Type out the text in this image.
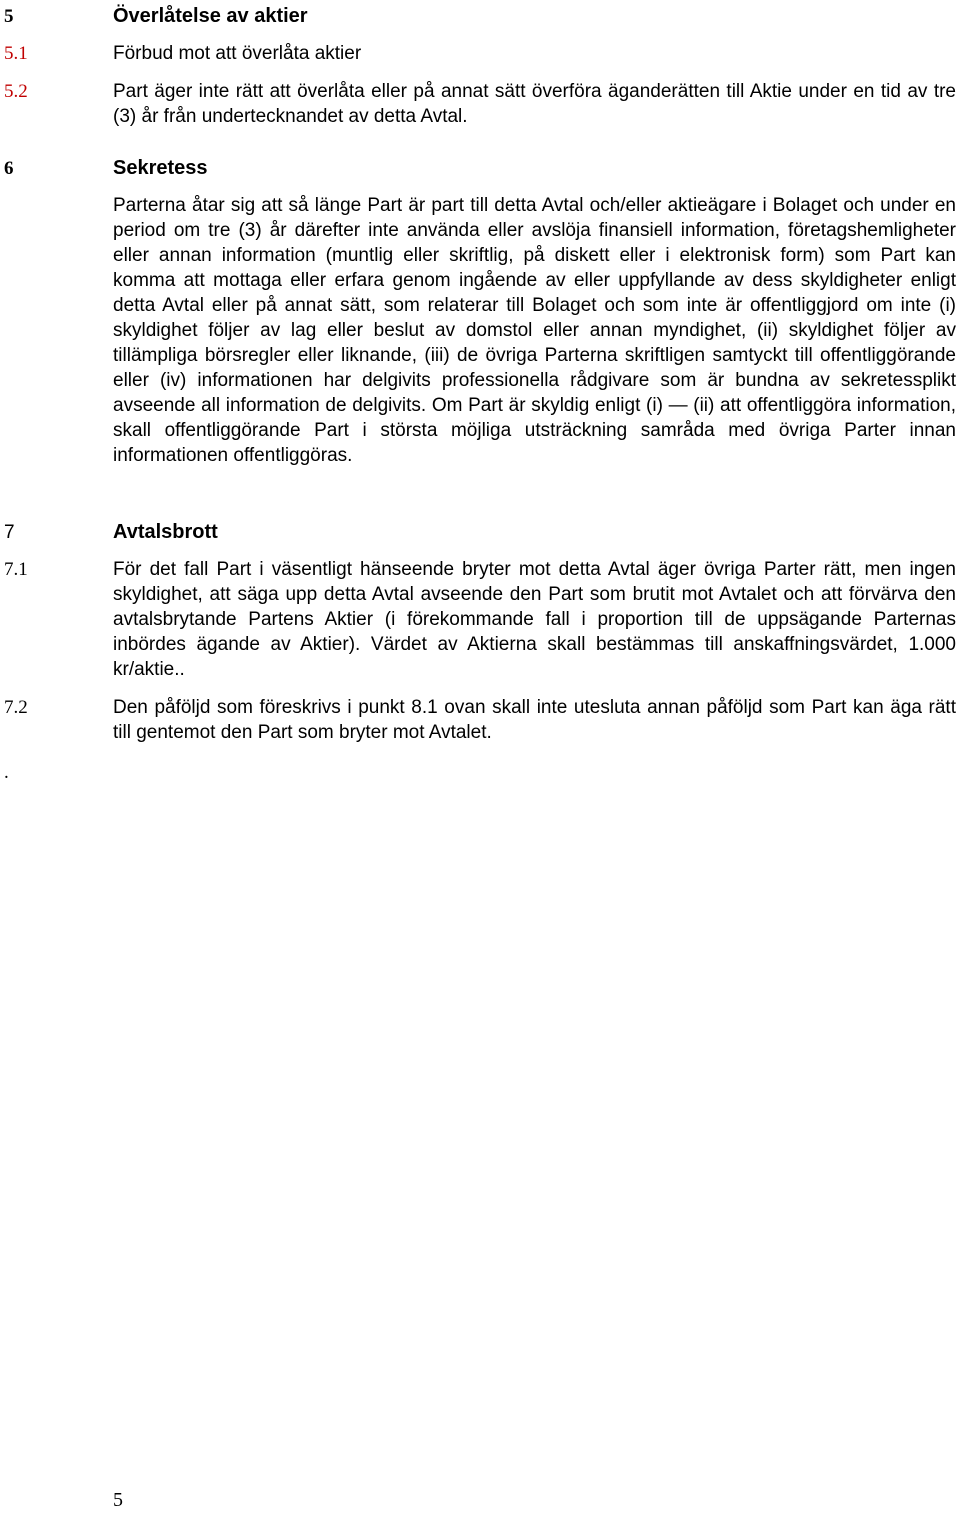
5	Överlåtelse av aktier
5.1	Förbud mot att överlåta aktier
5.2	Part äger inte rätt att överlåta eller på annat sätt överföra äganderätten till Aktie under en tid av tre (3) år från undertecknandet av detta Avtal.
6	Sekretess
Parterna åtar sig att så länge Part är part till detta Avtal och/eller aktieägare i Bolaget och under en period om tre (3) år därefter inte använda eller avslöja finansiell information, företagshemligheter eller annan information (muntlig eller skriftlig, på diskett eller i elektronisk form) som Part kan komma att mottaga eller erfara genom ingående av eller uppfyllande av dess skyldigheter enligt detta Avtal eller på annat sätt, som relaterar till Bolaget och som inte är offentliggjord om inte (i) skyldighet följer av lag eller beslut av domstol eller annan myndighet, (ii) skyldighet följer av tillämpliga börsregler eller liknande, (iii) de övriga Parterna skriftligen samtyckt till offentliggörande eller (iv) informationen har delgivits professionella rådgivare som är bundna av sekretessplikt avseende all information de delgivits. Om Part är skyldig enligt (i) — (ii) att offentliggöra information, skall offentliggörande Part i största möjliga utsträckning samråda med övriga Parter innan informationen offentliggöras.
7	Avtalsbrott
7.1	För det fall Part i väsentligt hänseende bryter mot detta Avtal äger övriga Parter rätt, men ingen skyldighet, att säga upp detta Avtal avseende den Part som brutit mot Avtalet och att förvärva den avtalsbrytande Partens Aktier (i förekommande fall i proportion till de uppsägande Parternas inbördes ägande av Aktier). Värdet av Aktierna skall bestämmas till anskaffningsvärdet, 1.000 kr/aktie..
7.2	Den påföljd som föreskrivs i punkt 8.1 ovan skall inte utesluta annan påföljd som Part kan äga rätt till gentemot den Part som bryter mot Avtalet.
.
5
